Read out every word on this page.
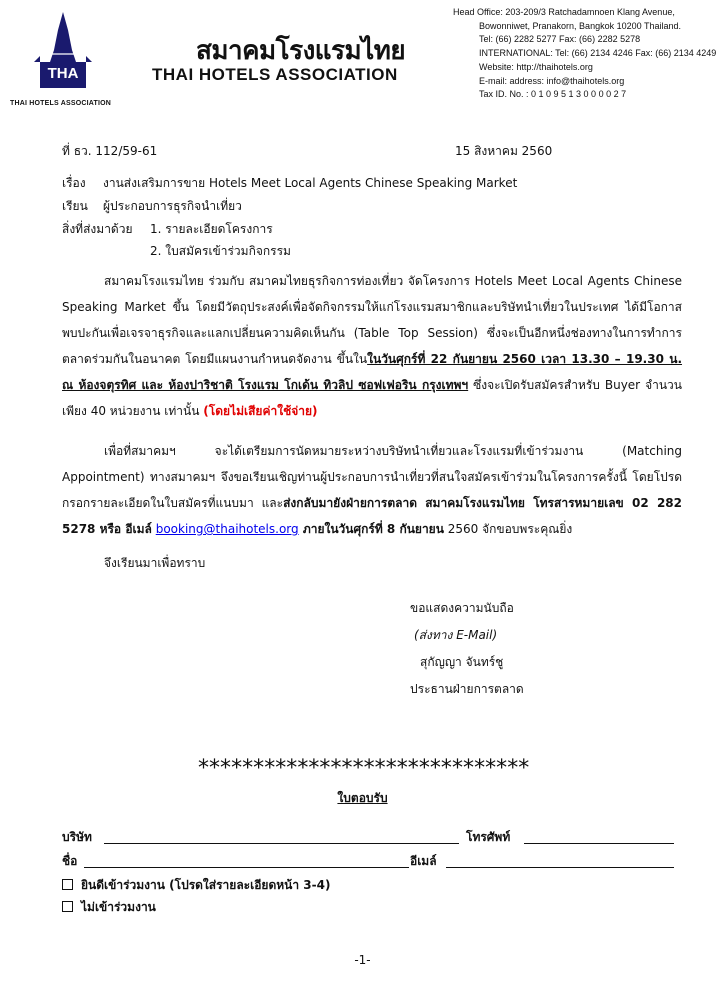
THA
THAI HOTELS ASSOCIATION
สมาคมโรงแรมไทย
THAI HOTELS ASSOCIATION
Head Office: 203-209/3 Ratchadamnoen Klang Avenue,
Bowonniwet, Pranakorn, Bangkok 10200 Thailand.
Tel: (66) 2282 5277 Fax: (66) 2282 5278
INTERNATIONAL: Tel: (66) 2134 4246 Fax: (66) 2134 4249
Website: http://thaihotels.org
E-mail: address: info@thaihotels.org
Tax ID. No. : 0 1 0 9 5 1 3 0 0 0 0 2 7
ที่ ธว. 112/59-61	15 สิงหาคม 2560
เรื่อง งานส่งเสริมการขาย Hotels Meet Local Agents Chinese Speaking Market
เรียน ผู้ประกอบการธุรกิจนำเที่ยว
สิ่งที่ส่งมาด้วย 1. รายละเอียดโครงการ
2. ใบสมัครเข้าร่วมกิจกรรม
สมาคมโรงแรมไทย ร่วมกับ สมาคมไทยธุรกิจการท่องเที่ยว จัดโครงการ Hotels Meet Local Agents Chinese Speaking Market ขึ้น โดยมีวัตถุประสงค์เพื่อจัดกิจกรรมให้แก่โรงแรมสมาชิกและบริษัทนำเที่ยวในประเทศ ได้มีโอกาสพบปะกันเพื่อเจรจาธุรกิจและแลกเปลี่ยนความคิดเห็นกัน (Table Top Session) ซึ่งจะเป็นอีกหนึ่งช่องทางในการทำการตลาดร่วมกันในอนาคต โดยมีแผนงานกำหนดจัดงาน ขึ้นในในวันศุกร์ที่ 22 กันยายน 2560 เวลา 13.30 – 19.30 น. ณ ห้องจตุรทิศ และ ห้องปาริชาติ โรงแรม โกเด้น ทิวลิป ซอฟเฟอริน กรุงเทพฯ ซึ่งจะเปิดรับสมัครสำหรับ Buyer จำนวนเพียง 40 หน่วยงาน เท่านั้น (โดยไม่เสียค่าใช้จ่าย)
เพื่อที่สมาคมฯ จะได้เตรียมการนัดหมายระหว่างบริษัทนำเที่ยวและโรงแรมที่เข้าร่วมงาน (Matching Appointment) ทางสมาคมฯ จึงขอเรียนเชิญท่านผู้ประกอบการนำเที่ยวที่สนใจสมัครเข้าร่วมในโครงการครั้งนี้ โดยโปรดกรอกรายละเอียดในใบสมัครที่แนบมา และส่งกลับมายังฝ่ายการตลาด สมาคมโรงแรมไทย โทรสารหมายเลข 02 282 5278 หรือ อีเมล์ booking@thaihotels.org ภายในวันศุกร์ที่ 8 กันยายน 2560 จักขอบพระคุณยิ่ง
จึงเรียนมาเพื่อทราบ
ขอแสดงความนับถือ
(ส่งทาง E-Mail)
สุกัญญา จันทร์ชู
ประธานฝ่ายการตลาด
******************************
ใบตอบรับ
บริษัท	โทรศัพท์
ชื่อ	อีเมล์
ยินดีเข้าร่วมงาน (โปรดใส่รายละเอียดหน้า 3-4)
ไม่เข้าร่วมงาน
-1-
